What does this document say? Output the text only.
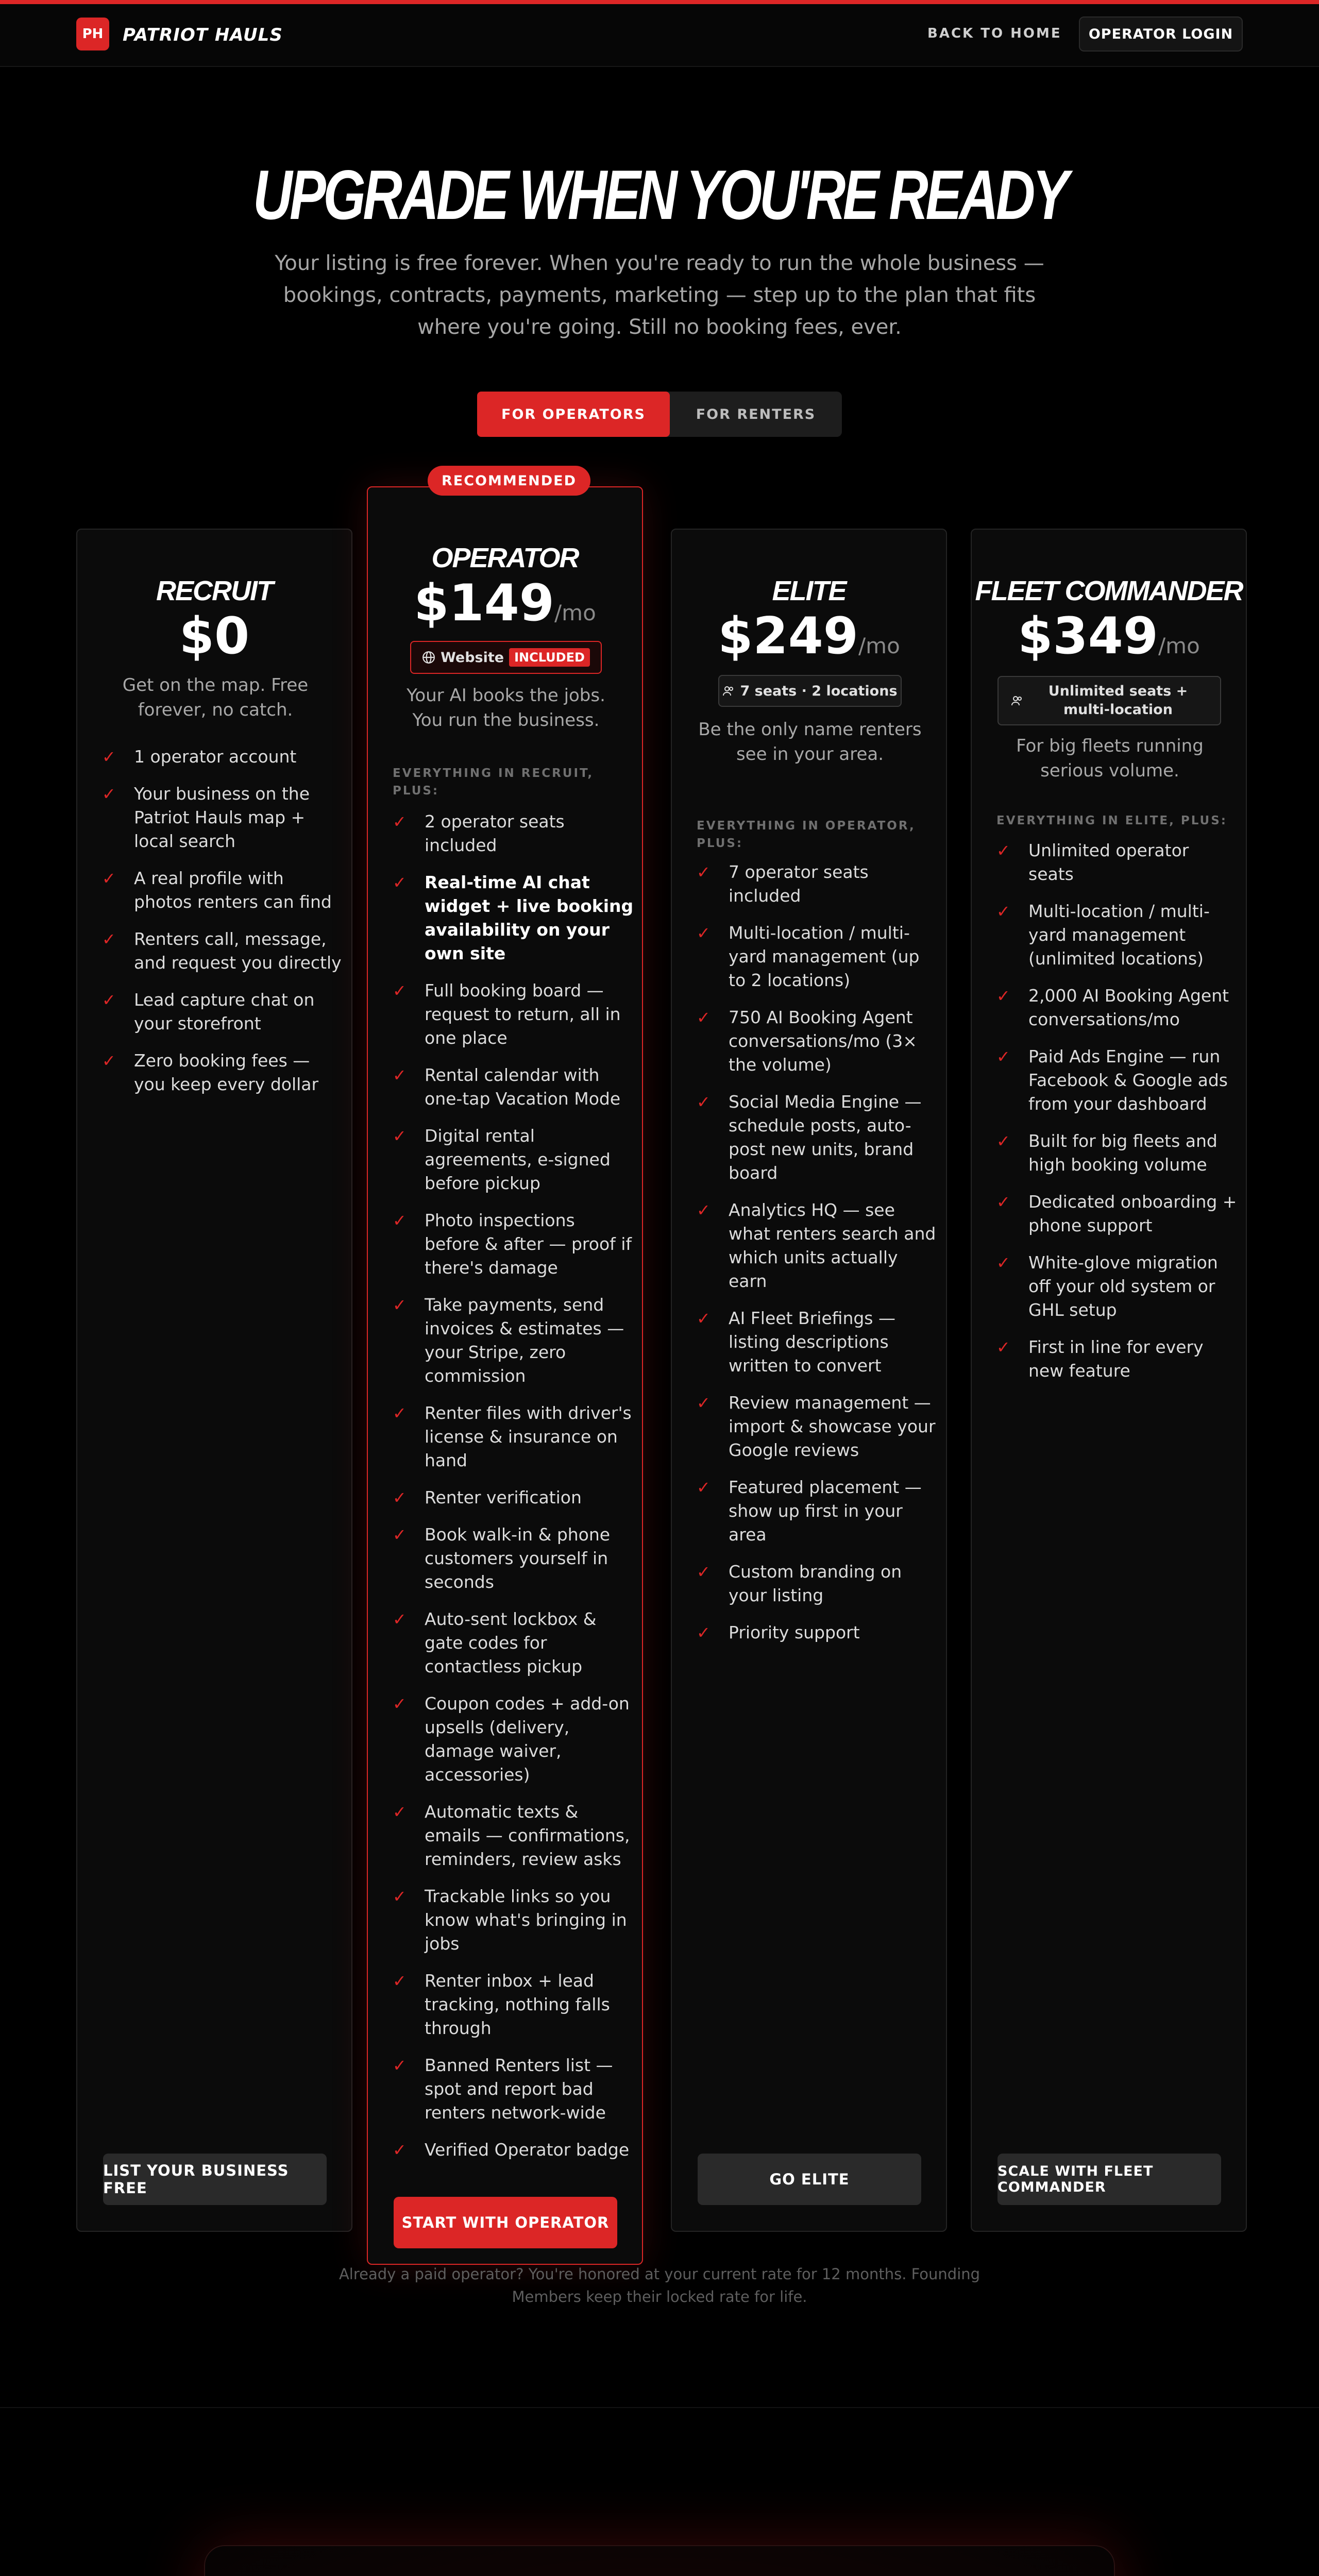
PH	PATRIOT HAULS	BACK TO HOME	OPERATOR LOGIN
UPGRADE WHEN YOU'RE READY
Your listing is free forever. When you're ready to run the whole business — bookings, contracts, payments, marketing — step up to the plan that fits where you're going. Still no booking fees, ever.
FOR OPERATORS	FOR RENTERS
RECRUIT
$0
Get on the map. Free forever, no catch.
✓ 1 operator account
✓ Your business on the Patriot Hauls map + local search
✓ A real profile with photos renters can find
✓ Renters call, message, and request you directly
✓ Lead capture chat on your storefront
✓ Zero booking fees — you keep every dollar
LIST YOUR BUSINESS FREE
OPERATOR
$149/mo
Website INCLUDED
Your AI books the jobs. You run the business.
EVERYTHING IN RECRUIT, PLUS:
✓ 2 operator seats included
✓ Real-time AI chat widget + live booking availability on your own site
✓ Full booking board — request to return, all in one place
✓ Rental calendar with one-tap Vacation Mode
✓ Digital rental agreements, e-signed before pickup
✓ Photo inspections before & after — proof if there's damage
✓ Take payments, send invoices & estimates — your Stripe, zero commission
✓ Renter files with driver's license & insurance on hand
✓ Renter verification
✓ Book walk-in & phone customers yourself in seconds
✓ Auto-sent lockbox & gate codes for contactless pickup
✓ Coupon codes + add-on upsells (delivery, damage waiver, accessories)
✓ Automatic texts & emails — confirmations, reminders, review asks
✓ Trackable links so you know what's bringing in jobs
✓ Renter inbox + lead tracking, nothing falls through
✓ Banned Renters list — spot and report bad renters network-wide
✓ Verified Operator badge
START WITH OPERATOR
RECOMMENDED
ELITE
$249/mo
7 seats · 2 locations
Be the only name renters see in your area.
EVERYTHING IN OPERATOR, PLUS:
✓ 7 operator seats included
✓ Multi-location / multi-yard management (up to 2 locations)
✓ 750 AI Booking Agent conversations/mo (3× the volume)
✓ Social Media Engine — schedule posts, auto-post new units, brand board
✓ Analytics HQ — see what renters search and which units actually earn
✓ AI Fleet Briefings — listing descriptions written to convert
✓ Review management — import & showcase your Google reviews
✓ Featured placement — show up first in your area
✓ Custom branding on your listing
✓ Priority support
GO ELITE
FLEET COMMANDER
$349/mo
Unlimited seats + multi-location
For big fleets running serious volume.
EVERYTHING IN ELITE, PLUS:
✓ Unlimited operator seats
✓ Multi-location / multi-yard management (unlimited locations)
✓ 2,000 AI Booking Agent conversations/mo
✓ Paid Ads Engine — run Facebook & Google ads from your dashboard
✓ Built for big fleets and high booking volume
✓ Dedicated onboarding + phone support
✓ White-glove migration off your old system or GHL setup
✓ First in line for every new feature
SCALE WITH FLEET COMMANDER
Already a paid operator? You're honored at your current rate for 12 months. Founding Members keep their locked rate for life.
